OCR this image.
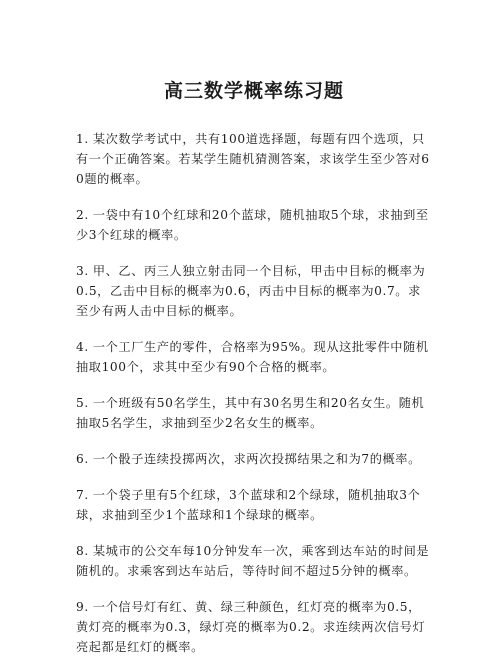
高三数学概率练习题
1. 某次数学考试中，共有100道选择题，每题有四个选项，只有一个正确答案。若某学生随机猜测答案，求该学生至少答对60题的概率。
2. 一袋中有10个红球和20个蓝球，随机抽取5个球，求抽到至少3个红球的概率。
3. 甲、乙、丙三人独立射击同一个目标，甲击中目标的概率为0.5，乙击中目标的概率为0.6，丙击中目标的概率为0.7。求至少有两人击中目标的概率。
4. 一个工厂生产的零件，合格率为95%。现从这批零件中随机抽取100个，求其中至少有90个合格的概率。
5. 一个班级有50名学生，其中有30名男生和20名女生。随机抽取5名学生，求抽到至少2名女生的概率。
6. 一个骰子连续投掷两次，求两次投掷结果之和为7的概率。
7. 一个袋子里有5个红球，3个蓝球和2个绿球，随机抽取3个球，求抽到至少1个蓝球和1个绿球的概率。
8. 某城市的公交车每10分钟发车一次，乘客到达车站的时间是随机的。求乘客到达车站后，等待时间不超过5分钟的概率。
9. 一个信号灯有红、黄、绿三种颜色，红灯亮的概率为0.5，黄灯亮的概率为0.3，绿灯亮的概率为0.2。求连续两次信号灯亮起都是红灯的概率。
